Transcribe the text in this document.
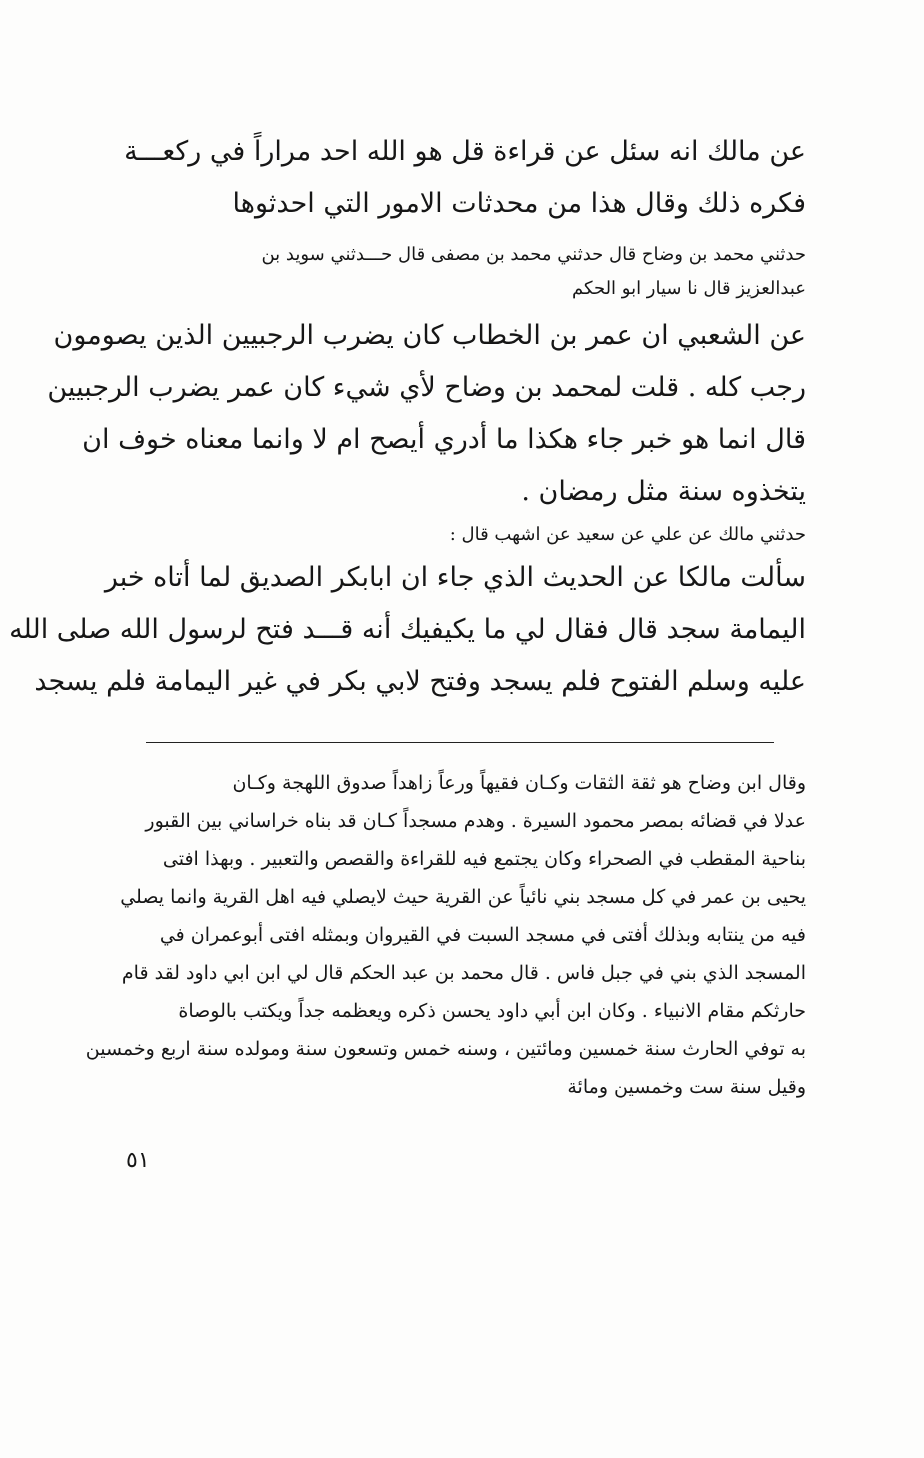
عن مالك انه سئل عن قراءة قل هو الله احد مراراً في ركعـــة
فكره ذلك وقال هذا من محدثات الامور التي احدثوها
حدثني محمد بن وضاح قال حدثني محمد بن مصفى قال حـــدثني سويد بن
عبدالعزيز قال نا سيار ابو الحكم
عن الشعبي ان عمر بن الخطاب كان يضرب الرجبيين الذين يصومون
رجب كله . قلت لمحمد بن وضاح لأي شيء كان عمر يضرب الرجبيين
قال انما هو خبر جاء هكذا ما أدري أيصح ام لا وانما معناه خوف ان
يتخذوه سنة مثل رمضان .
حدثني مالك عن علي عن سعيد عن اشهب قال :
سألت مالكا عن الحديث الذي جاء ان ابابكر الصديق لما أتاه خبر
اليمامة سجد قال فقال لي ما يكيفيك أنه قـــد فتح لرسول الله صلى الله
عليه وسلم الفتوح فلم يسجد وفتح لابي بكر في غير اليمامة فلم يسجد
وقال ابن وضاح هو ثقة الثقات وكـان فقيهاً ورعاً زاهداً صدوق اللهجة وكـان
عدلا في قضائه بمصر محمود السيرة . وهدم مسجداً كـان قد بناه خراساني بين القبور
بناحية المقطب في الصحراء وكان يجتمع فيه للقراءة والقصص والتعبير . وبهذا افتى
يحيى بن عمر في كل مسجد بني نائياً عن القرية حيث لايصلي فيه اهل القرية وانما يصلي
فيه من ينتابه وبذلك أفتى في مسجد السبت في القيروان وبمثله افتى أبوعمران في
المسجد الذي بني في جبل فاس . قال محمد بن عبد الحكم قال لي ابن ابي داود لقد قام
حارثكم مقام الانبياء . وكان ابن أبي داود يحسن ذكره ويعظمه جداً ويكتب بالوصاة
به توفي الحارث سنة خمسين ومائتين ، وسنه خمس وتسعون سنة ومولده سنة اربع وخمسين
وقيل سنة ست وخمسين ومائة
٥١
